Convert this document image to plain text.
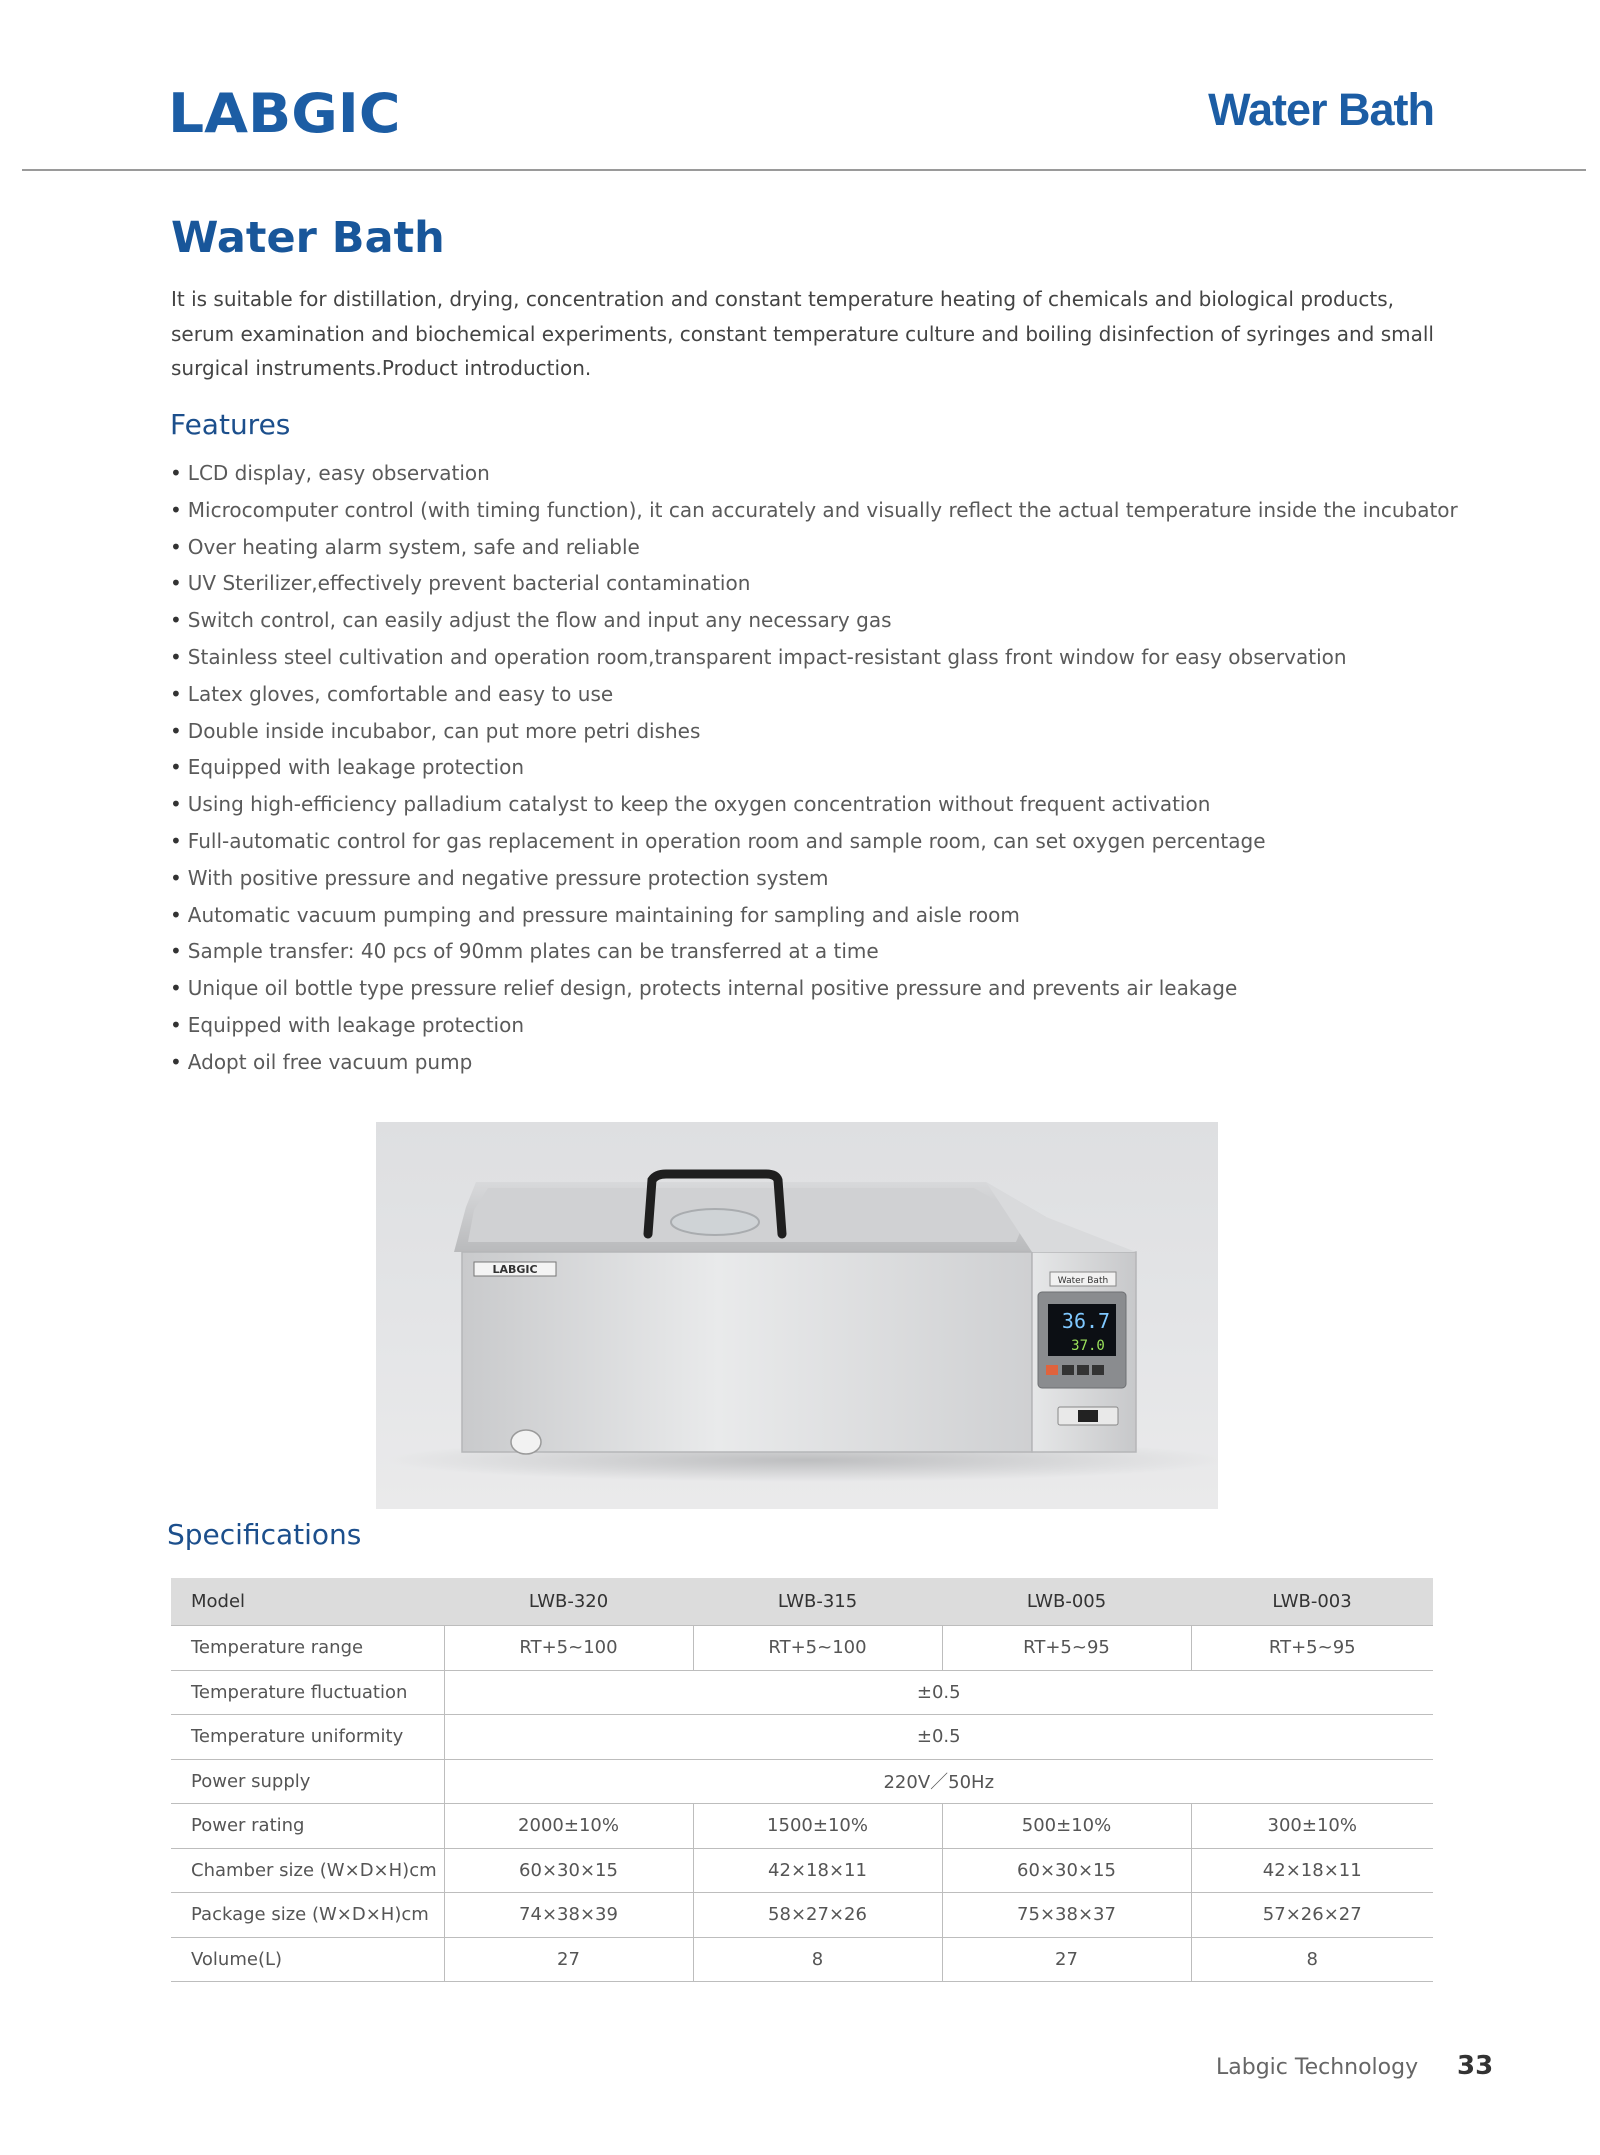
LABGIC	Water Bath
Water Bath
It is suitable for distillation, drying, concentration and constant temperature heating of chemicals and biological products, serum examination and biochemical experiments, constant temperature culture and boiling disinfection of syringes and small surgical instruments.Product introduction.
Features
• LCD display, easy observation
• Microcomputer control (with timing function), it can accurately and visually reflect the actual temperature inside the incubator
• Over heating alarm system, safe and reliable
• UV Sterilizer,effectively prevent bacterial contamination
• Switch control, can easily adjust the flow and input any necessary gas
• Stainless steel cultivation and operation room,transparent impact-resistant glass front window for easy observation
• Latex gloves, comfortable and easy to use
• Double inside incubabor, can put more petri dishes
• Equipped with leakage protection
• Using high-efficiency palladium catalyst to keep the oxygen concentration without frequent activation
• Full-automatic control for gas replacement in operation room and sample room, can set oxygen percentage
• With positive pressure and negative pressure protection system
• Automatic vacuum pumping and pressure maintaining for sampling and aisle room
• Sample transfer: 40 pcs of 90mm plates can be transferred at a time
• Unique oil bottle type pressure relief design, protects internal positive pressure and prevents air leakage
• Equipped with leakage protection
• Adopt oil free vacuum pump
LABGIC
Water Bath
36.7
37.0
Specifications
Model	LWB-320	LWB-315	LWB-005	LWB-003
Temperature range	RT+5~100	RT+5~100	RT+5~95	RT+5~95
Temperature fluctuation	±0.5			
Temperature uniformity	±0.5			
Power supply	220V／50Hz			
Power rating	2000±10%	1500±10%	500±10%	300±10%
Chamber size (W×D×H)cm	60×30×15	42×18×11	60×30×15	42×18×11
Package size (W×D×H)cm	74×38×39	58×27×26	75×38×37	57×26×27
Volume(L)	27	8	27	8
Labgic Technology 33
